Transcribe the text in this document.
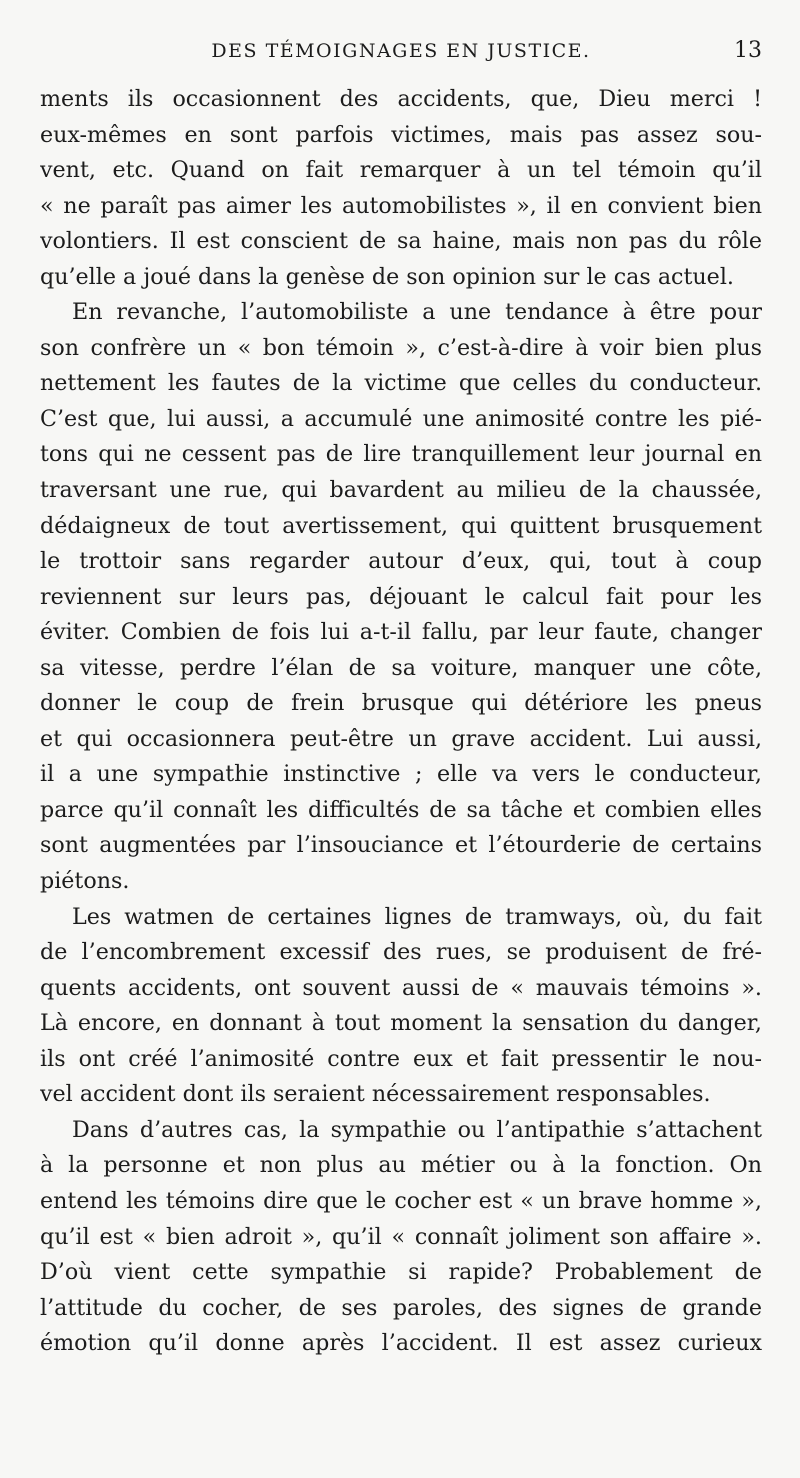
DES TÉMOIGNAGES EN JUSTICE.	13
ments ils occasionnent des accidents, que, Dieu merci !
eux-mêmes en sont parfois victimes, mais pas assez sou-
vent, etc. Quand on fait remarquer à un tel témoin qu’il
« ne paraît pas aimer les automobilistes », il en convient bien
volontiers. Il est conscient de sa haine, mais non pas du rôle
qu’elle a joué dans la genèse de son opinion sur le cas actuel.
En revanche, l’automobiliste a une tendance à être pour
son confrère un « bon témoin », c’est-à-dire à voir bien plus
nettement les fautes de la victime que celles du conducteur.
C’est que, lui aussi, a accumulé une animosité contre les pié-
tons qui ne cessent pas de lire tranquillement leur journal en
traversant une rue, qui bavardent au milieu de la chaussée,
dédaigneux de tout avertissement, qui quittent brusquement
le trottoir sans regarder autour d’eux, qui, tout à coup
reviennent sur leurs pas, déjouant le calcul fait pour les
éviter. Combien de fois lui a-t-il fallu, par leur faute, changer
sa vitesse, perdre l’élan de sa voiture, manquer une côte,
donner le coup de frein brusque qui détériore les pneus
et qui occasionnera peut-être un grave accident. Lui aussi,
il a une sympathie instinctive ; elle va vers le conducteur,
parce qu’il connaît les difficultés de sa tâche et combien elles
sont augmentées par l’insouciance et l’étourderie de certains
piétons.
Les watmen de certaines lignes de tramways, où, du fait
de l’encombrement excessif des rues, se produisent de fré-
quents accidents, ont souvent aussi de « mauvais témoins ».
Là encore, en donnant à tout moment la sensation du danger,
ils ont créé l’animosité contre eux et fait pressentir le nou-
vel accident dont ils seraient nécessairement responsables.
Dans d’autres cas, la sympathie ou l’antipathie s’attachent
à la personne et non plus au métier ou à la fonction. On
entend les témoins dire que le cocher est « un brave homme »,
qu’il est « bien adroit », qu’il « connaît joliment son affaire ».
D’où vient cette sympathie si rapide? Probablement de
l’attitude du cocher, de ses paroles, des signes de grande
émotion qu’il donne après l’accident. Il est assez curieux
